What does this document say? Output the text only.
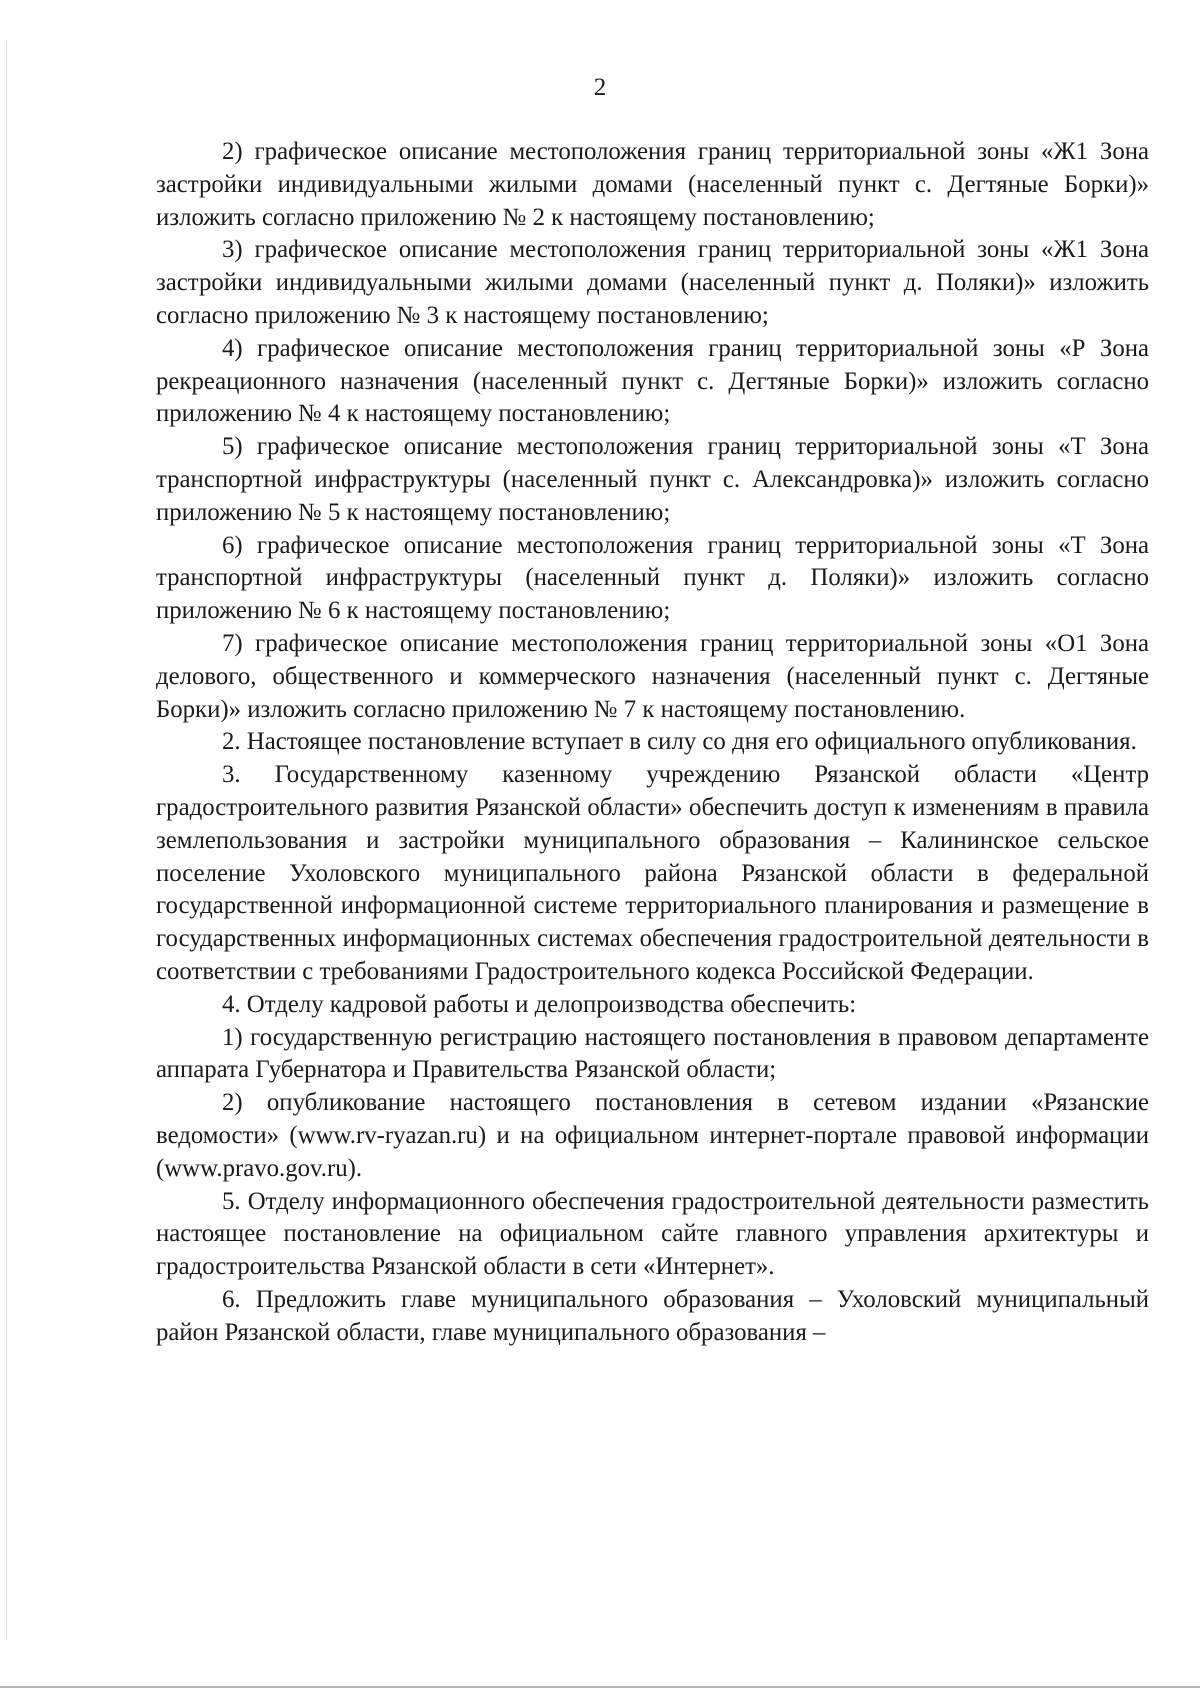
2

2) графическое описание местоположения границ территориальной зоны «Ж1 Зона застройки индивидуальными жилыми домами (населенный пункт с. Дегтяные Борки)» изложить согласно приложению № 2 к настоящему постановлению;

3) графическое описание местоположения границ территориальной зоны «Ж1 Зона застройки индивидуальными жилыми домами (населенный пункт д. Поляки)» изложить согласно приложению № 3 к настоящему постановлению;

4) графическое описание местоположения границ территориальной зоны «Р Зона рекреационного назначения (населенный пункт с. Дегтяные Борки)» изложить согласно приложению № 4 к настоящему постановлению;

5) графическое описание местоположения границ территориальной зоны «Т Зона транспортной инфраструктуры (населенный пункт с. Александровка)» изложить согласно приложению № 5 к настоящему постановлению;

6) графическое описание местоположения границ территориальной зоны «Т Зона транспортной инфраструктуры (населенный пункт д. Поляки)» изложить согласно приложению № 6 к настоящему постановлению;

7) графическое описание местоположения границ территориальной зоны «О1 Зона делового, общественного и коммерческого назначения (населенный пункт с. Дегтяные Борки)» изложить согласно приложению № 7 к настоящему постановлению.

2. Настоящее постановление вступает в силу со дня его официального опубликования.

3. Государственному казенному учреждению Рязанской области «Центр градостроительного развития Рязанской области» обеспечить доступ к изменениям в правила землепользования и застройки муниципального образования – Калининское сельское поселение Ухоловского муниципального района Рязанской области в федеральной государственной информационной системе территориального планирования и размещение в государственных информационных системах обеспечения градостроительной деятельности в соответствии с требованиями Градостроительного кодекса Российской Федерации.

4. Отделу кадровой работы и делопроизводства обеспечить:

1) государственную регистрацию настоящего постановления в правовом департаменте аппарата Губернатора и Правительства Рязанской области;

2) опубликование настоящего постановления в сетевом издании «Рязанские ведомости» (www.rv-ryazan.ru) и на официальном интернет-портале правовой информации (www.pravo.gov.ru).

5. Отделу информационного обеспечения градостроительной деятельности разместить настоящее постановление на официальном сайте главного управления архитектуры и градостроительства Рязанской области в сети «Интернет».

6. Предложить главе муниципального образования – Ухоловский муниципальный район Рязанской области, главе муниципального образования –
